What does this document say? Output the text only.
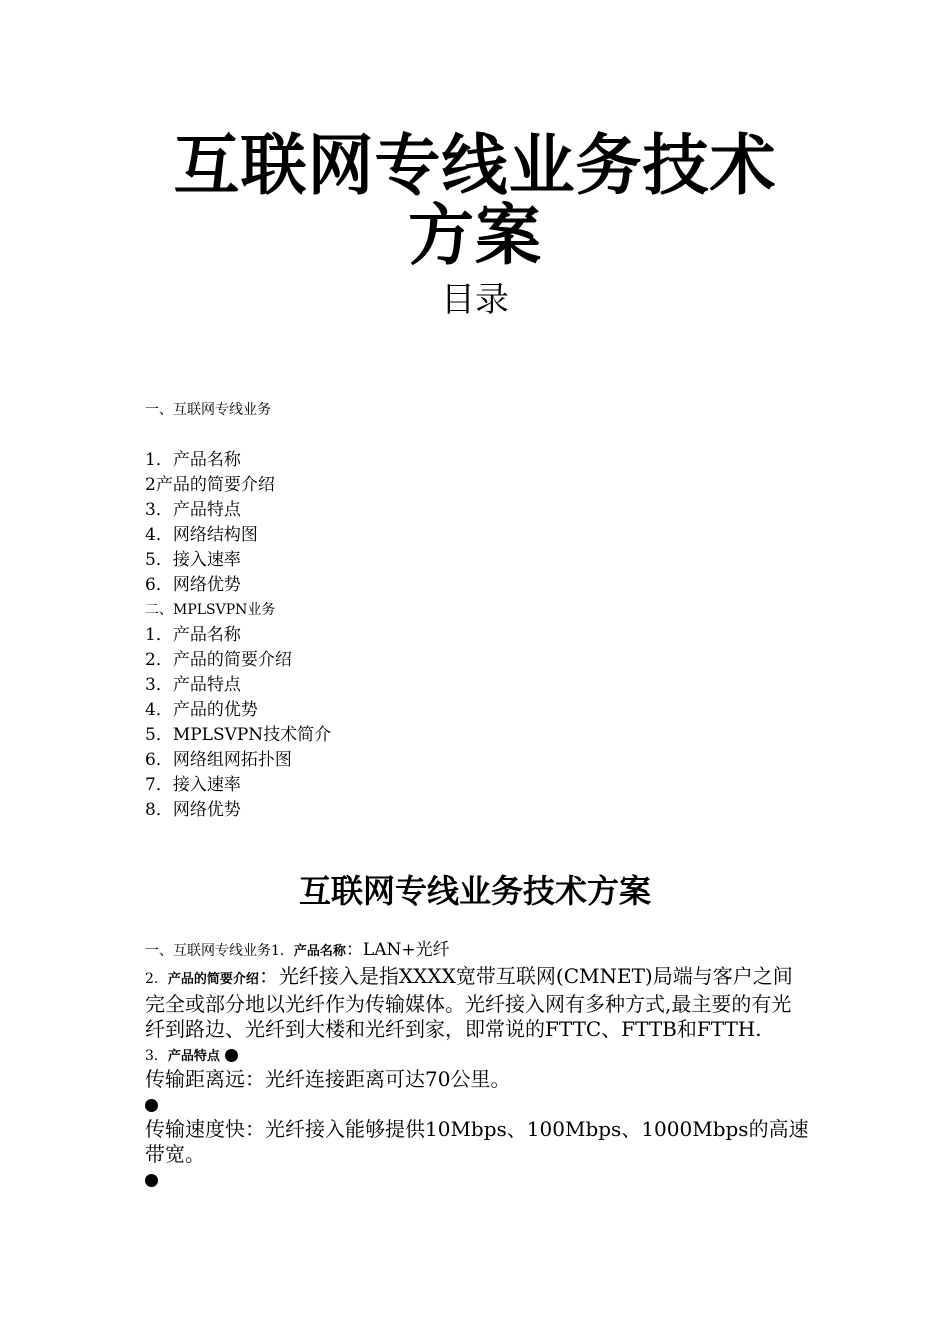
互联网专线业务技术
方案
目录
一、互联网专线业务
1．产品名称
2产品的简要介绍
3．产品特点
4．网络结构图
5．接入速率
6．网络优势
二、MPLSVPN业务
1．产品名称
2．产品的简要介绍
3．产品特点
4．产品的优势
5．MPLSVPN技术简介
6．网络组网拓扑图
7．接入速率
8．网络优势
互联网专线业务技术方案
一、互联网专线业务1．产品名称：LAN+光纤
2．产品的简要介绍：光纤接入是指XXXX宽带互联网(CMNET)局端与客户之间完全或部分地以光纤作为传输媒体。光纤接入网有多种方式,最主要的有光纤到路边、光纤到大楼和光纤到家，即常说的FTTC、FTTB和FTTH.
3．产品特点
传输距离远：光纤连接距离可达70公里。
传输速度快：光纤接入能够提供10Mbps、100Mbps、1000Mbps的高速带宽。
